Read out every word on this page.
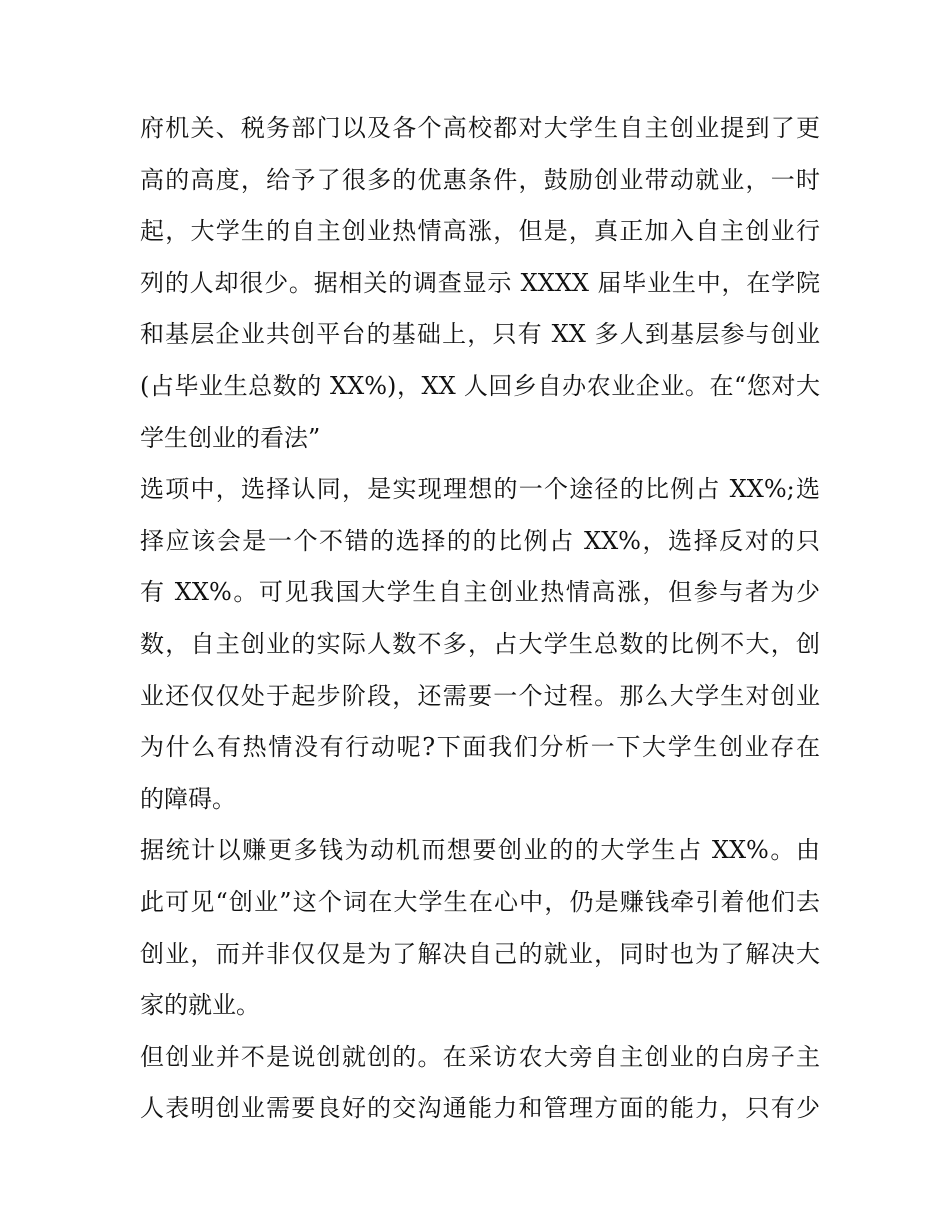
府机关、税务部门以及各个高校都对大学生自主创业提到了更
高的高度，给予了很多的优惠条件，鼓励创业带动就业，一时
起，大学生的自主创业热情高涨，但是，真正加入自主创业行
列的人却很少。据相关的调查显示 XXXX 届毕业生中，在学院
和基层企业共创平台的基础上，只有 XX 多人到基层参与创业
(占毕业生总数的 XX%)，XX 人回乡自办农业企业。在“您对大
学生创业的看法”
选项中，选择认同，是实现理想的一个途径的比例占 XX%;选
择应该会是一个不错的选择的的比例占 XX%，选择反对的只
有 XX%。可见我国大学生自主创业热情高涨，但参与者为少
数，自主创业的实际人数不多，占大学生总数的比例不大，创
业还仅仅处于起步阶段，还需要一个过程。那么大学生对创业
为什么有热情没有行动呢?下面我们分析一下大学生创业存在
的障碍。
据统计以赚更多钱为动机而想要创业的的大学生占 XX%。由
此可见“创业”这个词在大学生在心中，仍是赚钱牵引着他们去
创业，而并非仅仅是为了解决自己的就业，同时也为了解决大
家的就业。
但创业并不是说创就创的。在采访农大旁自主创业的白房子主
人表明创业需要良好的交沟通能力和管理方面的能力，只有少
